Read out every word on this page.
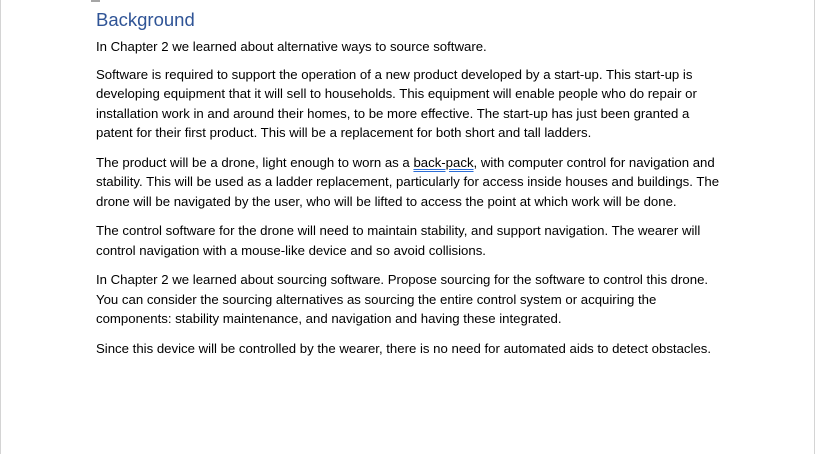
Background

In Chapter 2 we learned about alternative ways to source software.

Software is required to support the operation of a new product developed by a start-up. This start-up is developing equipment that it will sell to households. This equipment will enable people who do repair or installation work in and around their homes, to be more effective. The start-up has just been granted a patent for their first product. This will be a replacement for both short and tall ladders.

The product will be a drone, light enough to worn as a back-pack, with computer control for navigation and stability. This will be used as a ladder replacement, particularly for access inside houses and buildings. The drone will be navigated by the user, who will be lifted to access the point at which work will be done.

The control software for the drone will need to maintain stability, and support navigation. The wearer will control navigation with a mouse-like device and so avoid collisions.

In Chapter 2 we learned about sourcing software. Propose sourcing for the software to control this drone. You can consider the sourcing alternatives as sourcing the entire control system or acquiring the components: stability maintenance, and navigation and having these integrated.

Since this device will be controlled by the wearer, there is no need for automated aids to detect obstacles.
